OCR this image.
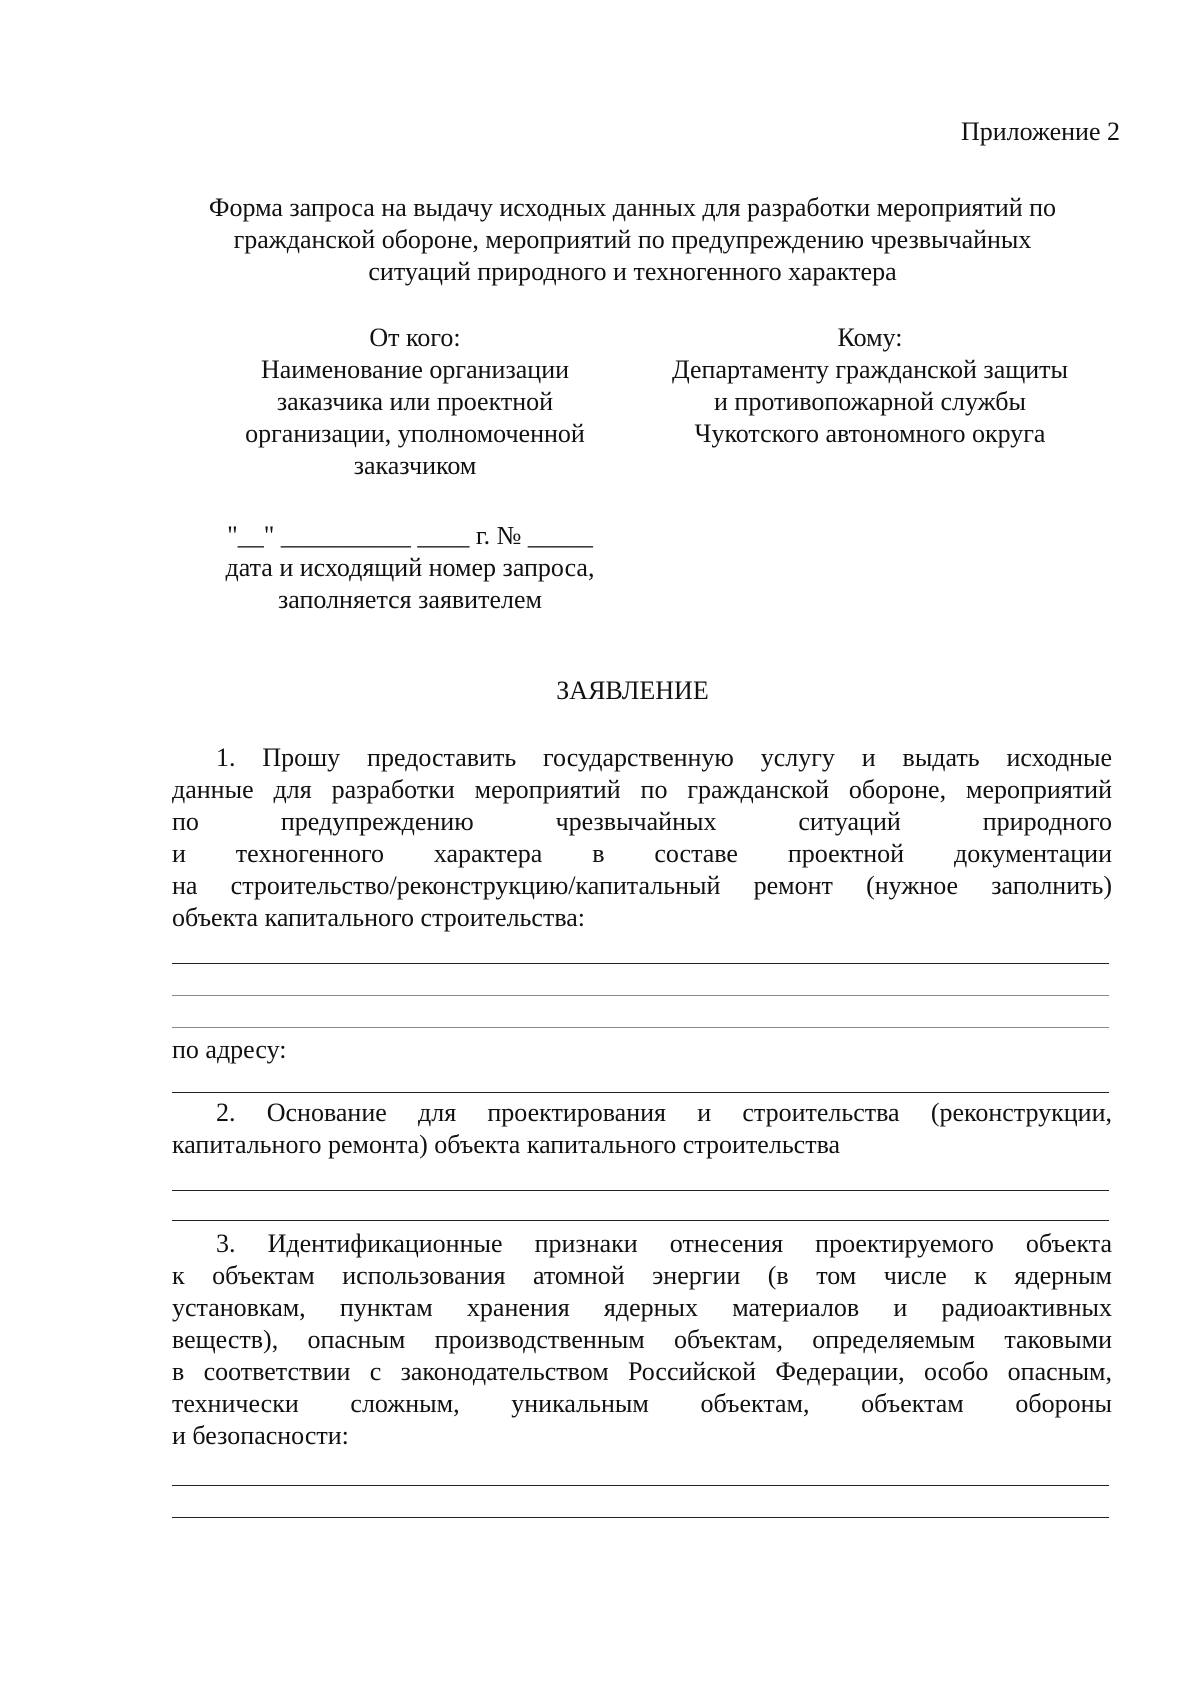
Приложение 2
Форма запроса на выдачу исходных данных для разработки мероприятий по
гражданской обороне, мероприятий по предупреждению чрезвычайных
ситуаций природного и техногенного характера
От кого:
Наименование организации
заказчика или проектной
организации, уполномоченной
заказчиком
Кому:
Департаменту гражданской защиты
и противопожарной службы
Чукотского автономного округа
"__" __________ ____ г. № _____
дата и исходящий номер запроса,
заполняется заявителем
ЗАЯВЛЕНИЕ
1. Прошу предоставить государственную услугу и выдать исходные
данные для разработки мероприятий по гражданской обороне, мероприятий
по предупреждению чрезвычайных ситуаций природного
и техногенного характера в составе проектной документации
на строительство/реконструкцию/капитальный ремонт (нужное заполнить)
объекта капитального строительства:
по адресу:
2. Основание для проектирования и строительства (реконструкции,
капитального ремонта) объекта капитального строительства
3. Идентификационные признаки отнесения проектируемого объекта
к объектам использования атомной энергии (в том числе к ядерным
установкам, пунктам хранения ядерных материалов и радиоактивных
веществ), опасным производственным объектам, определяемым таковыми
в соответствии с законодательством Российской Федерации, особо опасным,
технически сложным, уникальным объектам, объектам обороны
и безопасности:
